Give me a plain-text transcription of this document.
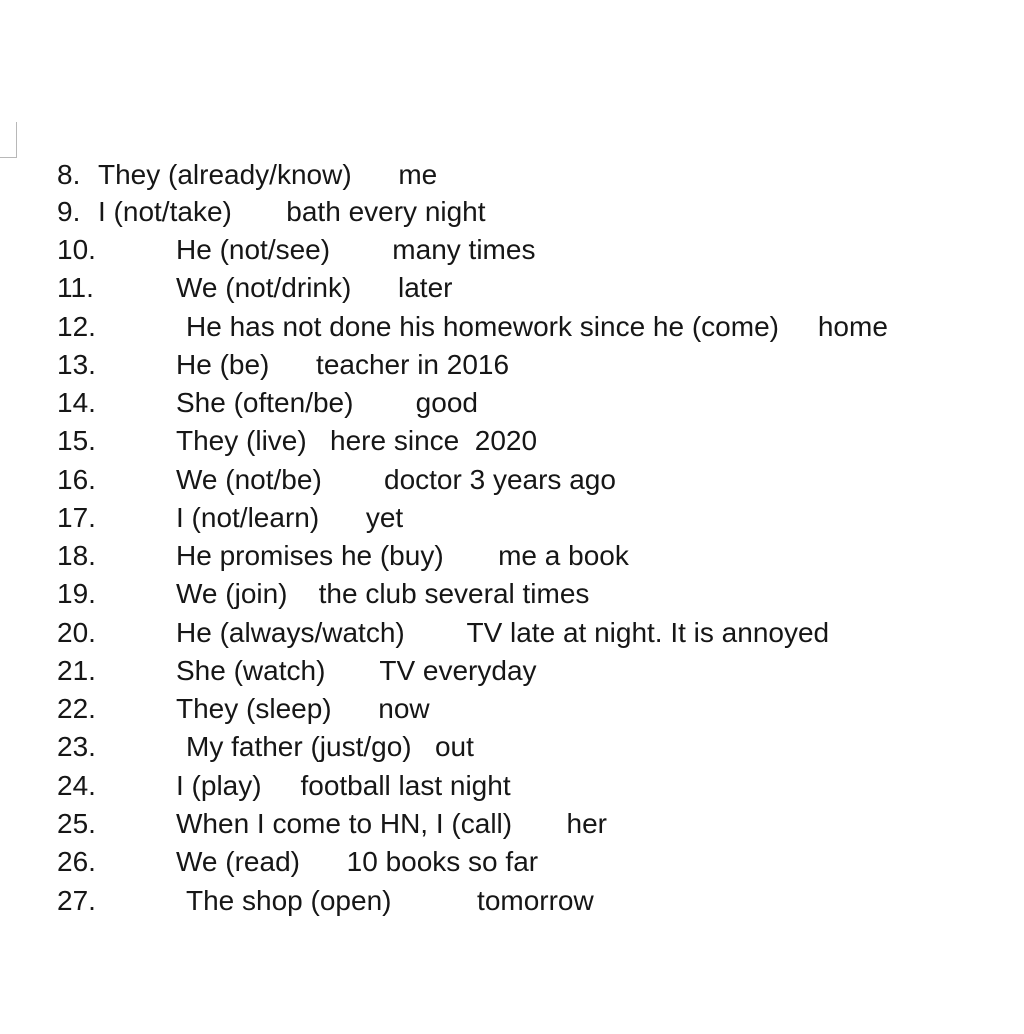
8.

They (already/know)      me

9.

I (not/take)       bath every night

10.

	He (not/see)        many times

11.

	We (not/drink)      later

12.

	He has not done his homework since he (come)     home

13.

	He (be)      teacher in 2016

14.

	She (often/be)        good

15.

	They (live)   here since  2020

16.

	We (not/be)        doctor 3 years ago

17.

	I (not/learn)      yet

18.

	He promises he (buy)       me a book

19.

	We (join)    the club several times

20.

	He (always/watch)        TV late at night. It is annoyed

21.

	She (watch)       TV everyday

22.

	They (sleep)      now

23.

	My father (just/go)   out

24.

	I (play)     football last night

25.

	When I come to HN, I (call)       her

26.

	We (read)      10 books so far

27.

	The shop (open)           tomorrow
